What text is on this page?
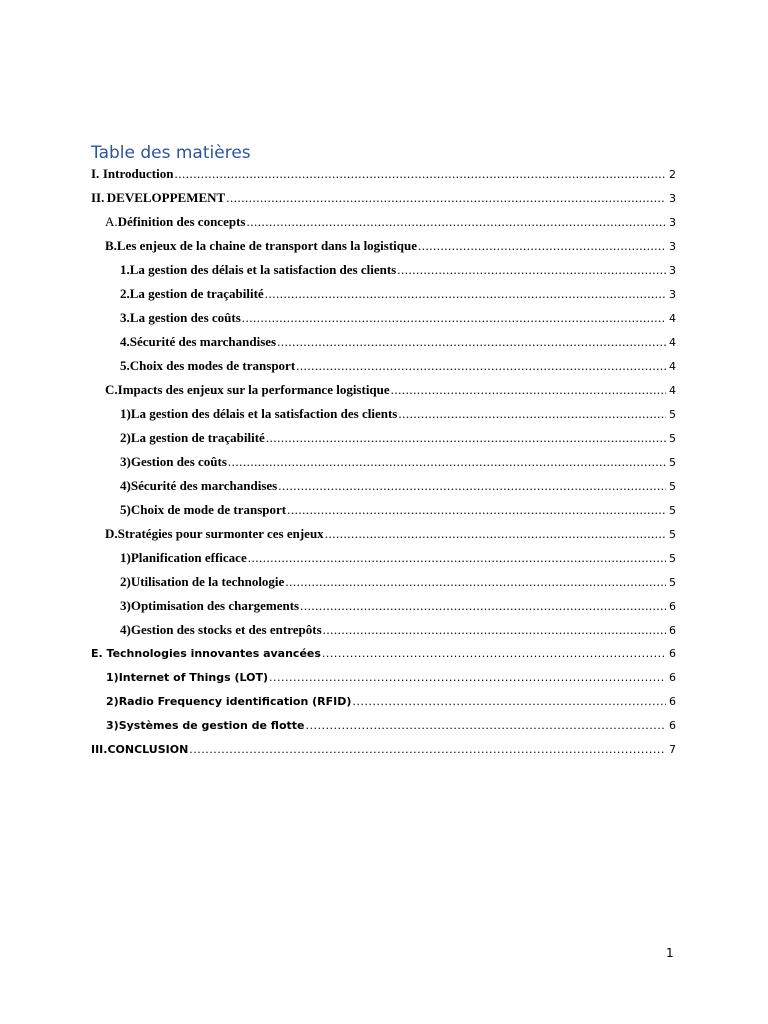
Table des matières
I. Introduction .....	2
II. DEVELOPPEMENT .....	3
A. Définition des concepts .....	3
B. Les enjeux de la chaine de transport dans la logistique .....	3
1. La gestion des délais et la satisfaction des clients .....	3
2. La gestion de traçabilité .....	3
3. La gestion des coûts .....	4
4. Sécurité des marchandises .....	4
5. Choix des modes de transport .....	4
C. Impacts des enjeux sur la performance logistique .....	4
1) La gestion des délais et la satisfaction des clients .....	5
2) La gestion de traçabilité .....	5
3) Gestion des coûts .....	5
4) Sécurité des marchandises .....	5
5) Choix de mode de transport .....	5
D. Stratégies pour surmonter ces enjeux .....	5
1) Planification efficace .....	5
2) Utilisation de la technologie .....	5
3) Optimisation des chargements .....	6
4) Gestion des stocks et des entrepôts .....	6
E. Technologies innovantes avancées .....	6
1) Internet of Things (LOT) .....	6
2) Radio Frequency identification (RFID) .....	6
3) Systèmes de gestion de flotte .....	6
III. CONCLUSION .....	7
1
